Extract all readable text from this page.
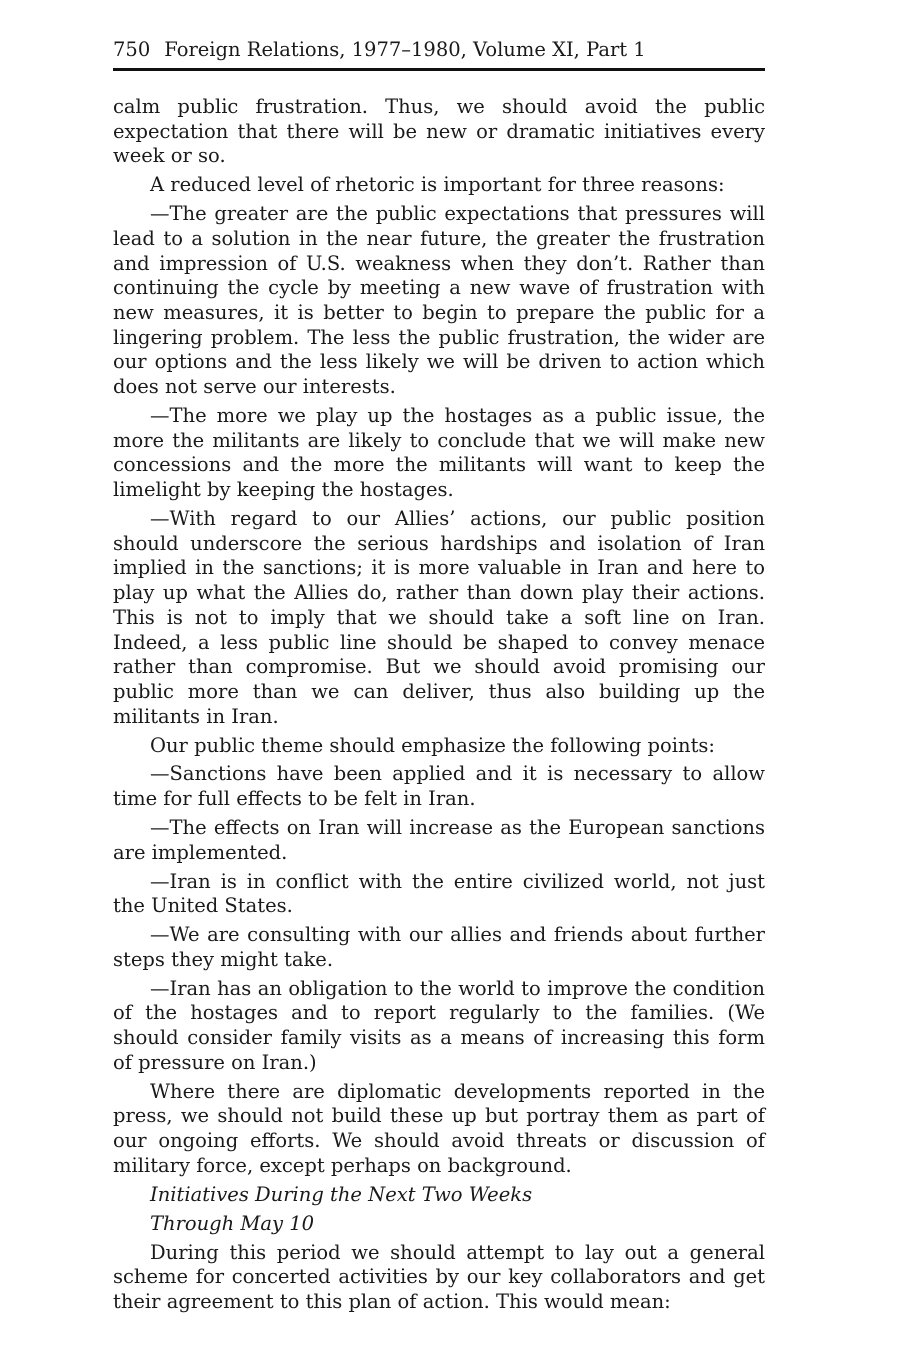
750 Foreign Relations, 1977–1980, Volume XI, Part 1

calm public frustration. Thus, we should avoid the public expectation that there will be new or dramatic initiatives every week or so.

A reduced level of rhetoric is important for three reasons:

—The greater are the public expectations that pressures will lead to a solution in the near future, the greater the frustration and impression of U.S. weakness when they don’t. Rather than continuing the cycle by meeting a new wave of frustration with new measures, it is better to begin to prepare the public for a lingering problem. The less the public frustration, the wider are our options and the less likely we will be driven to action which does not serve our interests.

—The more we play up the hostages as a public issue, the more the militants are likely to conclude that we will make new concessions and the more the militants will want to keep the limelight by keeping the hostages.

—With regard to our Allies’ actions, our public position should underscore the serious hardships and isolation of Iran implied in the sanctions; it is more valuable in Iran and here to play up what the Allies do, rather than down play their actions. This is not to imply that we should take a soft line on Iran. Indeed, a less public line should be shaped to convey menace rather than compromise. But we should avoid promising our public more than we can deliver, thus also building up the militants in Iran.

Our public theme should emphasize the following points:

—Sanctions have been applied and it is necessary to allow time for full effects to be felt in Iran.

—The effects on Iran will increase as the European sanctions are implemented.

—Iran is in conflict with the entire civilized world, not just the United States.

—We are consulting with our allies and friends about further steps they might take.

—Iran has an obligation to the world to improve the condition of the hostages and to report regularly to the families. (We should consider family visits as a means of increasing this form of pressure on Iran.)

Where there are diplomatic developments reported in the press, we should not build these up but portray them as part of our ongoing efforts. We should avoid threats or discussion of military force, except perhaps on background.

Initiatives During the Next Two Weeks

Through May 10

During this period we should attempt to lay out a general scheme for concerted activities by our key collaborators and get their agreement to this plan of action. This would mean:
